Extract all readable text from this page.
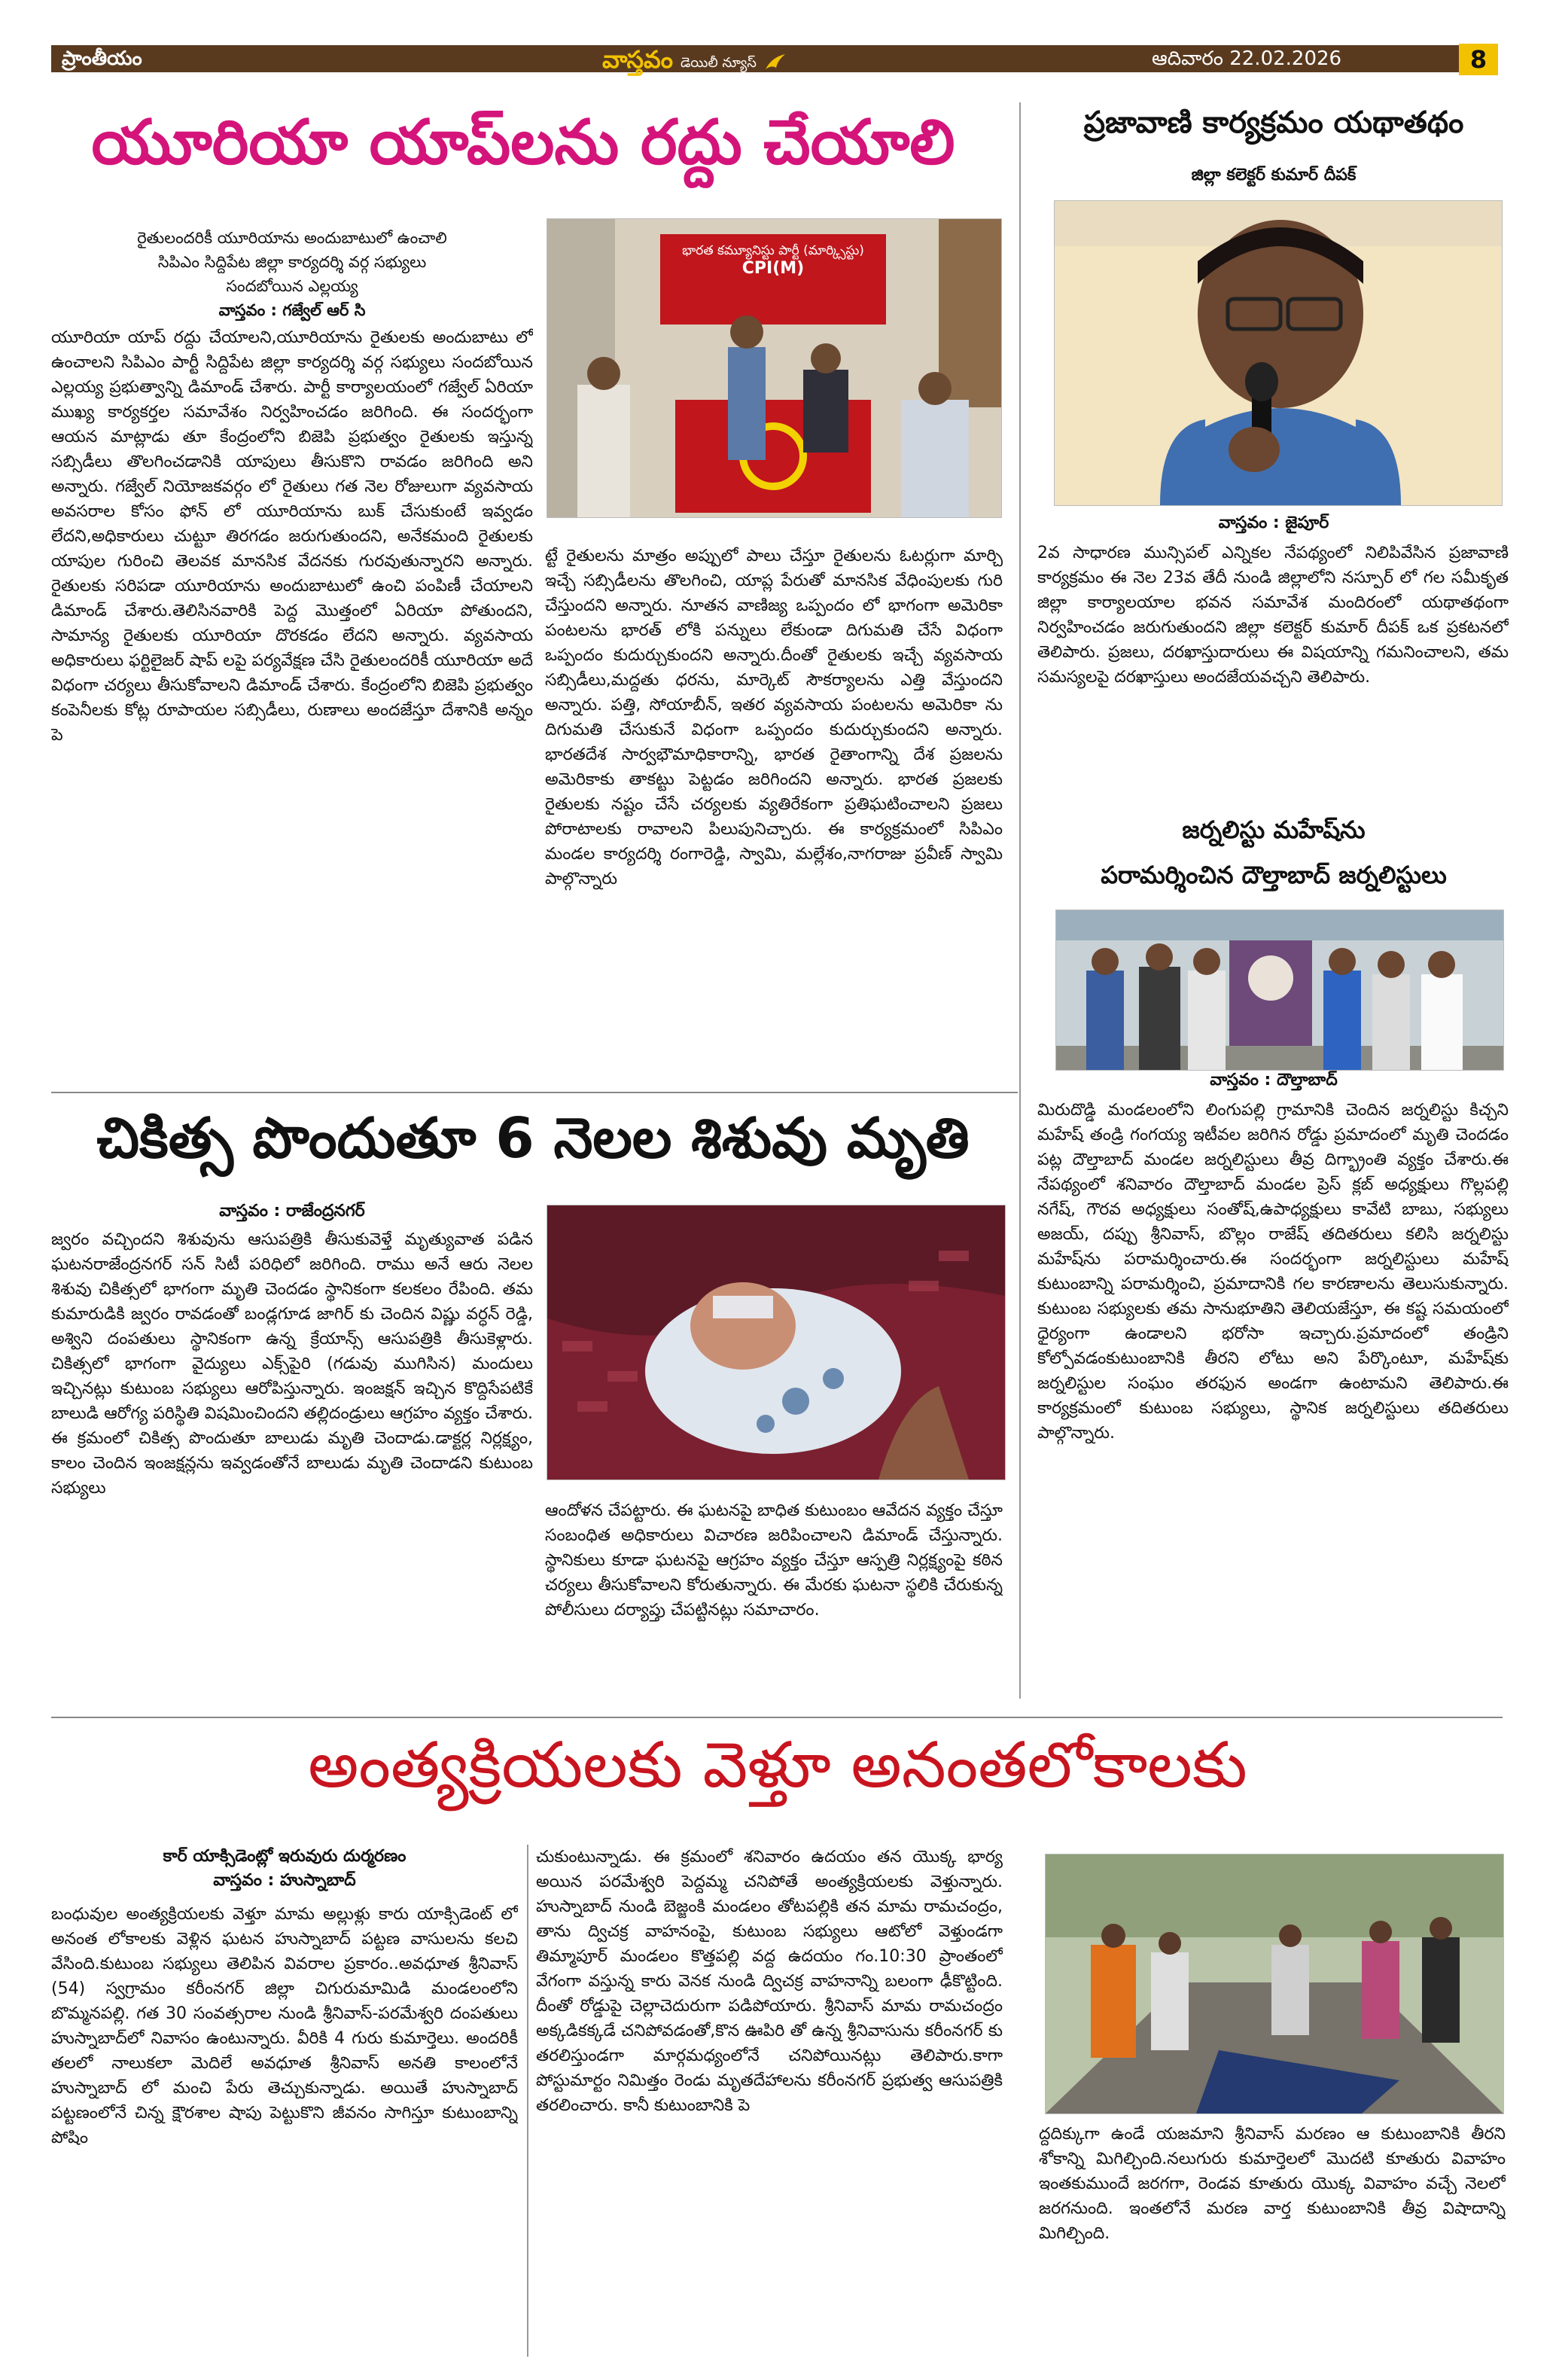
ప్రాంతీయం	వాస్తవం డెయిలీ న్యూస్	ఆదివారం 22.02.2026	8
యూరియా యాప్‌లను రద్దు చేయాలి
రైతులందరికీ యూరియాను అందుబాటులో ఉంచాలి
సిపిఎం సిద్దిపేట జిల్లా కార్యదర్శి వర్గ సభ్యులు
సందబోయిన ఎల్లయ్య
వాస్తవం : గజ్వేల్ ఆర్ సి
యూరియా యాప్ రద్దు చేయాలని,యూరియాను రైతులకు అందుబాటు లో ఉంచాలని సిపిఎం పార్టీ సిద్దిపేట జిల్లా కార్యదర్శి వర్గ సభ్యులు సందబోయిన ఎల్లయ్య ప్రభుత్వాన్ని డిమాండ్ చేశారు. పార్టీ కార్యాలయంలో గజ్వేల్ ఏరియా ముఖ్య కార్యకర్తల సమావేశం నిర్వహించడం జరిగింది. ఈ సందర్భంగా ఆయన మాట్లాడు తూ కేంద్రంలోని బిజెపి ప్రభుత్వం రైతులకు ఇస్తున్న సబ్సిడీలు తొలగించడానికి యాపులు తీసుకొని రావడం జరిగింది అని అన్నారు. గజ్వేల్ నియోజకవర్గం లో రైతులు గత నెల రోజులుగా వ్యవసాయ అవసరాల కోసం ఫోన్ లో యూరియాను బుక్ చేసుకుంటే ఇవ్వడం లేదని,అధికారులు చుట్టూ తిరగడం జరుగుతుందని, అనేకమంది రైతులకు యాపుల గురించి తెలవక మానసిక వేదనకు గురవుతున్నారని అన్నారు. రైతులకు సరిపడా యూరియాను అందుబాటులో ఉంచి పంపిణీ చేయాలని డిమాండ్ చేశారు.తెలిసినవారికి పెద్ద మొత్తంలో ఏరియా పోతుందని, సామాన్య రైతులకు యూరియా దొరకడం లేదని అన్నారు. వ్యవసాయ అధికారులు ఫర్టిలైజర్ షాప్ లపై పర్యవేక్షణ చేసి రైతులందరికీ యూరియా అదే విధంగా చర్యలు తీసుకోవాలని డిమాండ్ చేశారు. కేంద్రంలోని బిజెపి ప్రభుత్వం కంపెనీలకు కోట్ల రూపాయల సబ్సిడీలు, రుణాలు అందజేస్తూ దేశానికి అన్నం పె
భారత కమ్యూనిస్టు పార్టీ (మార్క్సిస్టు)
CPI(M)
ట్టే రైతులను మాత్రం అప్పులో పాలు చేస్తూ రైతులను ఓటర్లుగా మార్చి ఇచ్చే సబ్సిడీలను తొలగించి, యాప్ల పేరుతో మానసిక వేధింపులకు గురి చేస్తుందని అన్నారు. నూతన వాణిజ్య ఒప్పందం లో భాగంగా అమెరికా పంటలను భారత్ లోకి పన్నులు లేకుండా దిగుమతి చేసే విధంగా ఒప్పందం కుదుర్చుకుందని అన్నారు.దీంతో రైతులకు ఇచ్చే వ్యవసాయ సబ్సిడీలు,మద్దతు ధరను, మార్కెట్ సౌకర్యాలను ఎత్తి వేస్తుందని అన్నారు. పత్తి, సోయాబీన్, ఇతర వ్యవసాయ పంటలను అమెరికా ను దిగుమతి చేసుకునే విధంగా ఒప్పందం కుదుర్చుకుందని అన్నారు. భారతదేశ సార్వభౌమాధికారాన్ని, భారత రైతాంగాన్ని దేశ ప్రజలను అమెరికాకు తాకట్టు పెట్టడం జరిగిందని అన్నారు. భారత ప్రజలకు రైతులకు నష్టం చేసే చర్యలకు వ్యతిరేకంగా ప్రతిఘటించాలని ప్రజలు పోరాటాలకు రావాలని పిలుపునిచ్చారు. ఈ కార్యక్రమంలో సిపిఎం మండల కార్యదర్శి రంగారెడ్డి, స్వామి, మల్లేశం,నాగరాజు ప్రవీణ్ స్వామి పాల్గొన్నారు
ప్రజావాణి కార్యక్రమం యథాతథం
జిల్లా కలెక్టర్ కుమార్ దీపక్
వాస్తవం : జైపూర్
2వ సాధారణ మున్సిపల్ ఎన్నికల నేపథ్యంలో నిలిపివేసిన ప్రజావాణి కార్యక్రమం ఈ నెల 23వ తేదీ నుండి జిల్లాలోని నస్పూర్ లో గల సమీకృత జిల్లా కార్యాలయాల భవన సమావేశ మందిరంలో యథాతథంగా నిర్వహించడం జరుగుతుందని జిల్లా కలెక్టర్ కుమార్ దీపక్ ఒక ప్రకటనలో తెలిపారు. ప్రజలు, దరఖాస్తుదారులు ఈ విషయాన్ని గమనించాలని, తమ సమస్యలపై దరఖాస్తులు అందజేయవచ్చని తెలిపారు.
జర్నలిస్టు మహేష్‌ను
పరామర్శించిన దౌల్తాబాద్ జర్నలిస్టులు
వాస్తవం : దౌల్తాబాద్
మిరుదొడ్డి మండలంలోని లింగుపల్లి గ్రామానికి చెందిన జర్నలిస్టు కిచ్చని మహేష్ తండ్రి గంగయ్య ఇటీవల జరిగిన రోడ్డు ప్రమాదంలో మృతి చెందడం పట్ల దౌల్తాబాద్ మండల జర్నలిస్టులు తీవ్ర దిగ్భ్రాంతి వ్యక్తం చేశారు.ఈ నేపథ్యంలో శనివారం దౌల్తాబాద్ మండల ప్రెస్ క్లబ్ అధ్యక్షులు గొల్లపల్లి నగేష్, గౌరవ అధ్యక్షులు సంతోష్,ఉపాధ్యక్షులు కావేటి బాబు, సభ్యులు అజయ్, దప్పు శ్రీనివాస్, బొల్లం రాజేష్ తదితరులు కలిసి జర్నలిస్టు మహేష్‌ను పరామర్శించారు.ఈ సందర్భంగా జర్నలిస్టులు మహేష్ కుటుంబాన్ని పరామర్శించి, ప్రమాదానికి గల కారణాలను తెలుసుకున్నారు. కుటుంబ సభ్యులకు తమ సానుభూతిని తెలియజేస్తూ, ఈ కష్ట సమయంలో ధైర్యంగా ఉండాలని భరోసా ఇచ్చారు.ప్రమాదంలో తండ్రిని కోల్పోవడంకుటుంబానికి తీరని లోటు అని పేర్కొంటూ, మహేష్‌కు జర్నలిస్టుల సంఘం తరఫున అండగా ఉంటామని తెలిపారు.ఈ కార్యక్రమంలో కుటుంబ సభ్యులు, స్థానిక జర్నలిస్టులు తదితరులు పాల్గొన్నారు.
చికిత్స పొందుతూ 6 నెలల శిశువు మృతి
వాస్తవం : రాజేంద్రనగర్
జ్వరం వచ్చిందని శిశువును ఆసుపత్రికి తీసుకువెళ్తే మృత్యువాత పడిన ఘటనరాజేంద్రనగర్ సన్ సిటీ పరిధిలో జరిగింది. రాము అనే ఆరు నెలల శిశువు చికిత్సలో భాగంగా మృతి చెందడం స్థానికంగా కలకలం రేపింది. తమ కుమారుడికి జ్వరం రావడంతో బండ్లగూడ జాగిర్ కు చెందిన విష్ణు వర్ధన్ రెడ్డి, అశ్విని దంపతులు స్థానికంగా ఉన్న క్రేయాన్స్ ఆసుపత్రికి తీసుకెళ్లారు. చికిత్సలో భాగంగా వైద్యులు ఎక్స్‌పైరి (గడువు ముగిసిన) మందులు ఇచ్చినట్లు కుటుంబ సభ్యులు ఆరోపిస్తున్నారు. ఇంజక్షన్ ఇచ్చిన కొద్దిసేపటికే బాలుడి ఆరోగ్య పరిస్థితి విషమించిందని తల్లిదండ్రులు ఆగ్రహం వ్యక్తం చేశారు. ఈ క్రమంలో చికిత్స పొందుతూ బాలుడు మృతి చెందాడు.డాక్టర్ల నిర్లక్ష్యం, కాలం చెందిన ఇంజక్షన్లను ఇవ్వడంతోనే బాలుడు మృతి చెందాడని కుటుంబ సభ్యులు
ఆందోళన చేపట్టారు. ఈ ఘటనపై బాధిత కుటుంబం ఆవేదన వ్యక్తం చేస్తూ సంబంధిత అధికారులు విచారణ జరిపించాలని డిమాండ్ చేస్తున్నారు. స్థానికులు కూడా ఘటనపై ఆగ్రహం వ్యక్తం చేస్తూ ఆస్పత్రి నిర్లక్ష్యంపై కఠిన చర్యలు తీసుకోవాలని కోరుతున్నారు. ఈ మేరకు ఘటనా స్థలికి చేరుకున్న పోలీసులు దర్యాప్తు చేపట్టినట్లు సమాచారం.
అంత్యక్రియలకు వెళ్తూ అనంతలోకాలకు
కార్ యాక్సిడెంట్లో ఇరువురు దుర్మరణం
వాస్తవం : హుస్నాబాద్
బంధువుల అంత్యక్రియలకు వెళ్తూ మామ అల్లుళ్లు కారు యాక్సిడెంట్ లో అనంత లోకాలకు వెళ్లిన ఘటన హుస్నాబాద్ పట్టణ వాసులను కలచి వేసింది.కుటుంబ సభ్యులు తెలిపిన వివరాల ప్రకారం..అవధూత శ్రీనివాస్ (54) స్వగ్రామం కరీంనగర్ జిల్లా చిగురుమామిడి మండలంలోని బొమ్మనపల్లి. గత 30 సంవత్సరాల నుండి శ్రీనివాస్-పరమేశ్వరి దంపతులు హుస్నాబాద్‌లో నివాసం ఉంటున్నారు. వీరికి 4 గురు కుమార్తెలు. అందరికీ తలలో నాలుకలా మెదిలే అవధూత శ్రీనివాస్ అనతి కాలంలోనే హుస్నాబాద్ లో మంచి పేరు తెచ్చుకున్నాడు. అయితే హుస్నాబాద్ పట్టణంలోనే చిన్న క్షౌరశాల షాపు పెట్టుకొని జీవనం సాగిస్తూ కుటుంబాన్ని పోషిం
చుకుంటున్నాడు. ఈ క్రమంలో శనివారం ఉదయం తన యొక్క భార్య అయిన పరమేశ్వరి పెద్దమ్మ చనిపోతే అంత్యక్రియలకు వెళ్తున్నారు. హుస్నాబాద్ నుండి బెజ్జంకి మండలం తోటపల్లికి తన మామ రామచంద్రం, తాను ద్విచక్ర వాహనంపై, కుటుంబ సభ్యులు ఆటోలో వెళ్తుండగా తిమ్మాపూర్ మండలం కొత్తపల్లి వద్ద ఉదయం గం.10:30 ప్రాంతంలో వేగంగా వస్తున్న కారు వెనక నుండి ద్విచక్ర వాహనాన్ని బలంగా ఢీకొట్టింది. దీంతో రోడ్డుపై చెల్లాచెదురుగా పడిపోయారు. శ్రీనివాస్ మామ రామచంద్రం అక్కడికక్కడే చనిపోవడంతో,కొన ఊపిరి తో ఉన్న శ్రీనివాసును కరీంనగర్ కు తరలిస్తుండగా మార్గమధ్యంలోనే చనిపోయినట్లు తెలిపారు.కాగా పోస్టుమార్టం నిమిత్తం రెండు మృతదేహాలను కరీంనగర్ ప్రభుత్వ ఆసుపత్రికి తరలించారు. కానీ కుటుంబానికి పె
ద్దదిక్కుగా ఉండే యజమాని శ్రీనివాస్ మరణం ఆ కుటుంబానికి తీరని శోకాన్ని మిగిల్చింది.నలుగురు కుమార్తెలలో మొదటి కూతురు వివాహం ఇంతకుముందే జరగగా, రెండవ కూతురు యొక్క వివాహం వచ్చే నెలలో జరగనుంది. ఇంతలోనే మరణ వార్త కుటుంబానికి తీవ్ర విషాదాన్ని మిగిల్చింది.
